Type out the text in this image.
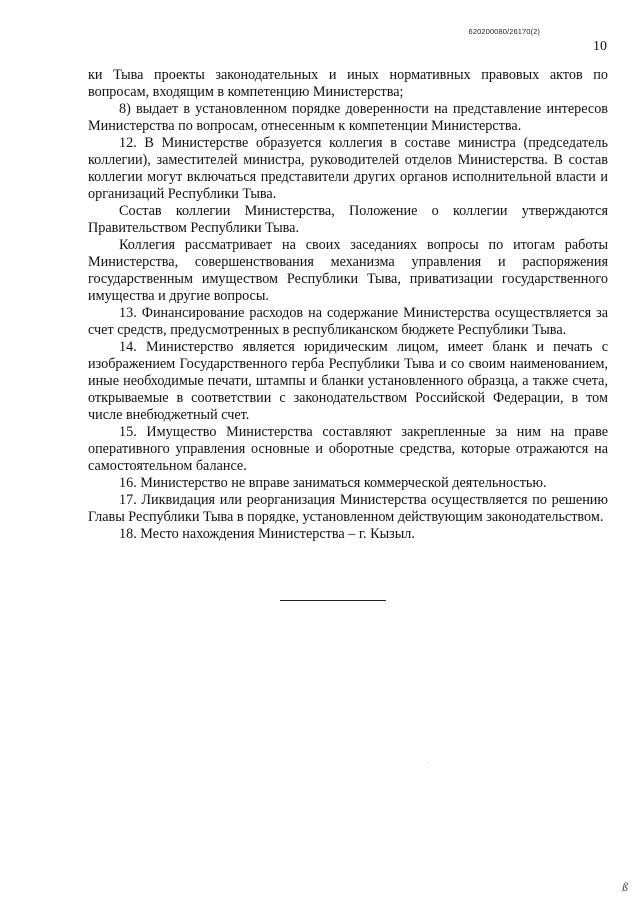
620200080/26170(2)
10

ки Тыва проекты законодательных и иных нормативных правовых актов по вопросам, входящим в компетенцию Министерства;

8) выдает в установленном порядке доверенности на представление интересов Министерства по вопросам, отнесенным к компетенции Министерства.

12. В Министерстве образуется коллегия в составе министра (председатель коллегии), заместителей министра, руководителей отделов Министерства. В состав коллегии могут включаться представители других органов исполнительной власти и организаций Республики Тыва.

Состав коллегии Министерства, Положение о коллегии утверждаются Правительством Республики Тыва.

Коллегия рассматривает на своих заседаниях вопросы по итогам работы Министерства, совершенствования механизма управления и распоряжения государственным имуществом Республики Тыва, приватизации государственного имущества и другие вопросы.

13. Финансирование расходов на содержание Министерства осуществляется за счет средств, предусмотренных в республиканском бюджете Республики Тыва.

14. Министерство является юридическим лицом, имеет бланк и печать с изображением Государственного герба Республики Тыва и со своим наименованием, иные необходимые печати, штампы и бланки установленного образца, а также счета, открываемые в соответствии с законодательством Российской Федерации, в том числе внебюджетный счет.

15. Имущество Министерства составляют закрепленные за ним на праве оперативного управления основные и оборотные средства, которые отражаются на самостоятельном балансе.

16. Министерство не вправе заниматься коммерческой деятельностью.

17. Ликвидация или реорганизация Министерства осуществляется по решению Главы Республики Тыва в порядке, установленном действующим законодательством.

18. Место нахождения Министерства – г. Кызыл.

ß
